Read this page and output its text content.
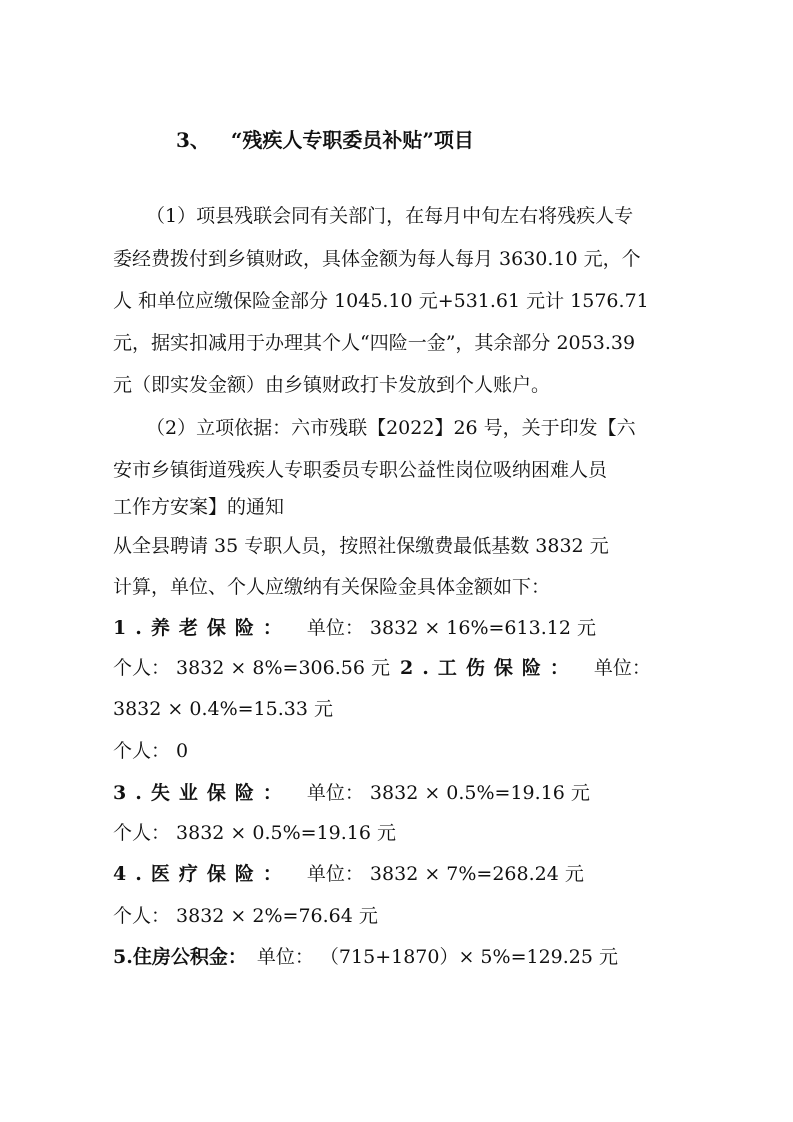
3、 “残疾人专职委员补贴”项目
（1）项县残联会同有关部门，在每月中旬左右将残疾人专
委经费拨付到乡镇财政，具体金额为每人每月 3630.10 元，个
人 和单位应缴保险金部分 1045.10 元+531.61 元计 1576.71
元，据实扣减用于办理其个人“四险一金”，其余部分 2053.39
元（即实发金额）由乡镇财政打卡发放到个人账户。
（2）立项依据：六市残联【2022】26 号，关于印发【六
安市乡镇街道残疾人专职委员专职公益性岗位吸纳困难人员
工作方安案】的通知
从全县聘请 35 专职人员，按照社保缴费最低基数 3832 元
计算，单位、个人应缴纳有关保险金具体金额如下：
1.养老保险： 单位： 3832 × 16%=613.12 元
个人： 3832 × 8%=306.56 元 2.工伤保险： 单位：
3832 × 0.4%=15.33 元
个人： 0
3.失业保险： 单位： 3832 × 0.5%=19.16 元
个人： 3832 × 0.5%=19.16 元
4.医疗保险： 单位： 3832 × 7%=268.24 元
个人： 3832 × 2%=76.64 元
5.住房公积金： 单位： （715+1870）× 5%=129.25 元
